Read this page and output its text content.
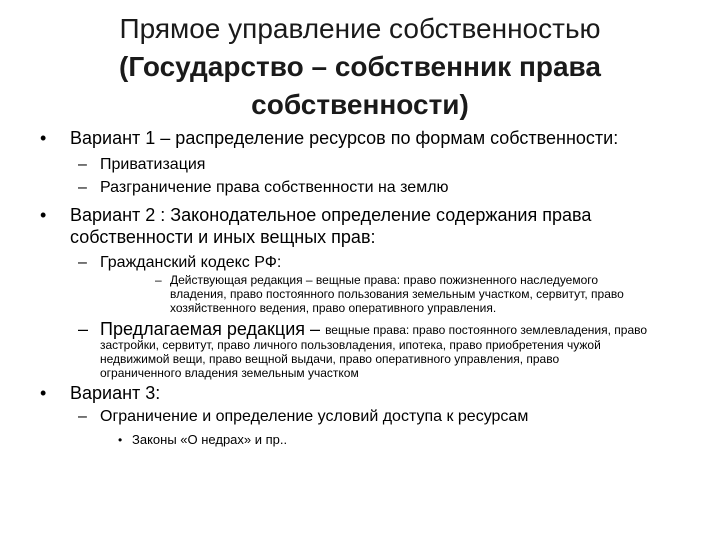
Прямое управление собственностью
(Государство – собственник права
собственности)
• Вариант 1 – распределение ресурсов по формам собственности:
– Приватизация
– Разграничение права собственности на землю
• Вариант 2 : Законодательное определение содержания права
собственности и иных вещных прав:
– Гражданский кодекс РФ:
– Действующая редакция – вещные права: право пожизненного наследуемого
владения, право постоянного пользования земельным участком, сервитут, право
хозяйственного ведения, право оперативного управления.
– Предлагаемая редакция – вещные права: право постоянного землевладения, право
застройки, сервитут, право личного пользовладения, ипотека, право приобретения чужой
недвижимой вещи, право вещной выдачи, право оперативного управления, право
ограниченного владения земельным участком
• Вариант 3:
– Ограничение и определение условий доступа к ресурсам
• Законы «О недрах» и пр..
